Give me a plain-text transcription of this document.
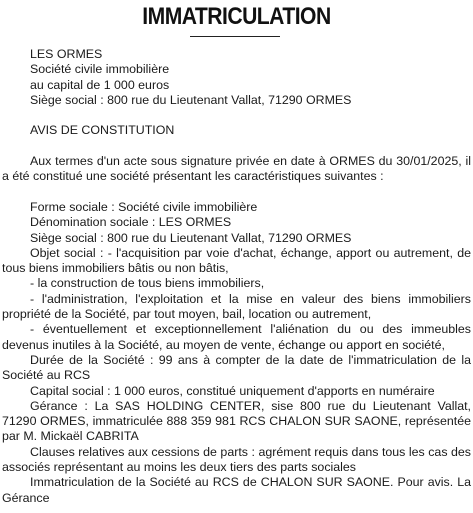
IMMATRICULATION

LES ORMES

Société civile immobilière

au capital de 1 000 euros

Siège social : 800 rue du Lieutenant Vallat, 71290 ORMES

AVIS DE CONSTITUTION

Aux termes d'un acte sous signature privée en date à ORMES du 30/01/2025, il a été constitué une société présentant les caractéristiques suivantes :

Forme sociale : Société civile immobilière

Dénomination sociale : LES ORMES

Siège social : 800 rue du Lieutenant Vallat, 71290 ORMES

Objet social : - l'acquisition par voie d'achat, échange, apport ou autrement, de tous biens immobiliers bâtis ou non bâtis,

- la construction de tous biens immobiliers,

- l'administration, l'exploitation et la mise en valeur des biens immobiliers propriété de la Société, par tout moyen, bail, location ou autrement,

- éventuellement et exceptionnellement l'aliénation du ou des immeubles devenus inutiles à la Société, au moyen de vente, échange ou apport en société,

Durée de la Société : 99 ans à compter de la date de l'immatriculation de la Société au RCS

Capital social : 1 000 euros, constitué uniquement d'apports en numéraire

Gérance : La SAS HOLDING CENTER, sise 800 rue du Lieutenant Vallat, 71290 ORMES, immatriculée 888 359 981 RCS CHALON SUR SAONE, représentée par M. Mickaël CABRITA

Clauses relatives aux cessions de parts : agrément requis dans tous les cas des associés représentant au moins les deux tiers des parts sociales

Immatriculation de la Société au RCS de CHALON SUR SAONE. Pour avis. La Gérance
